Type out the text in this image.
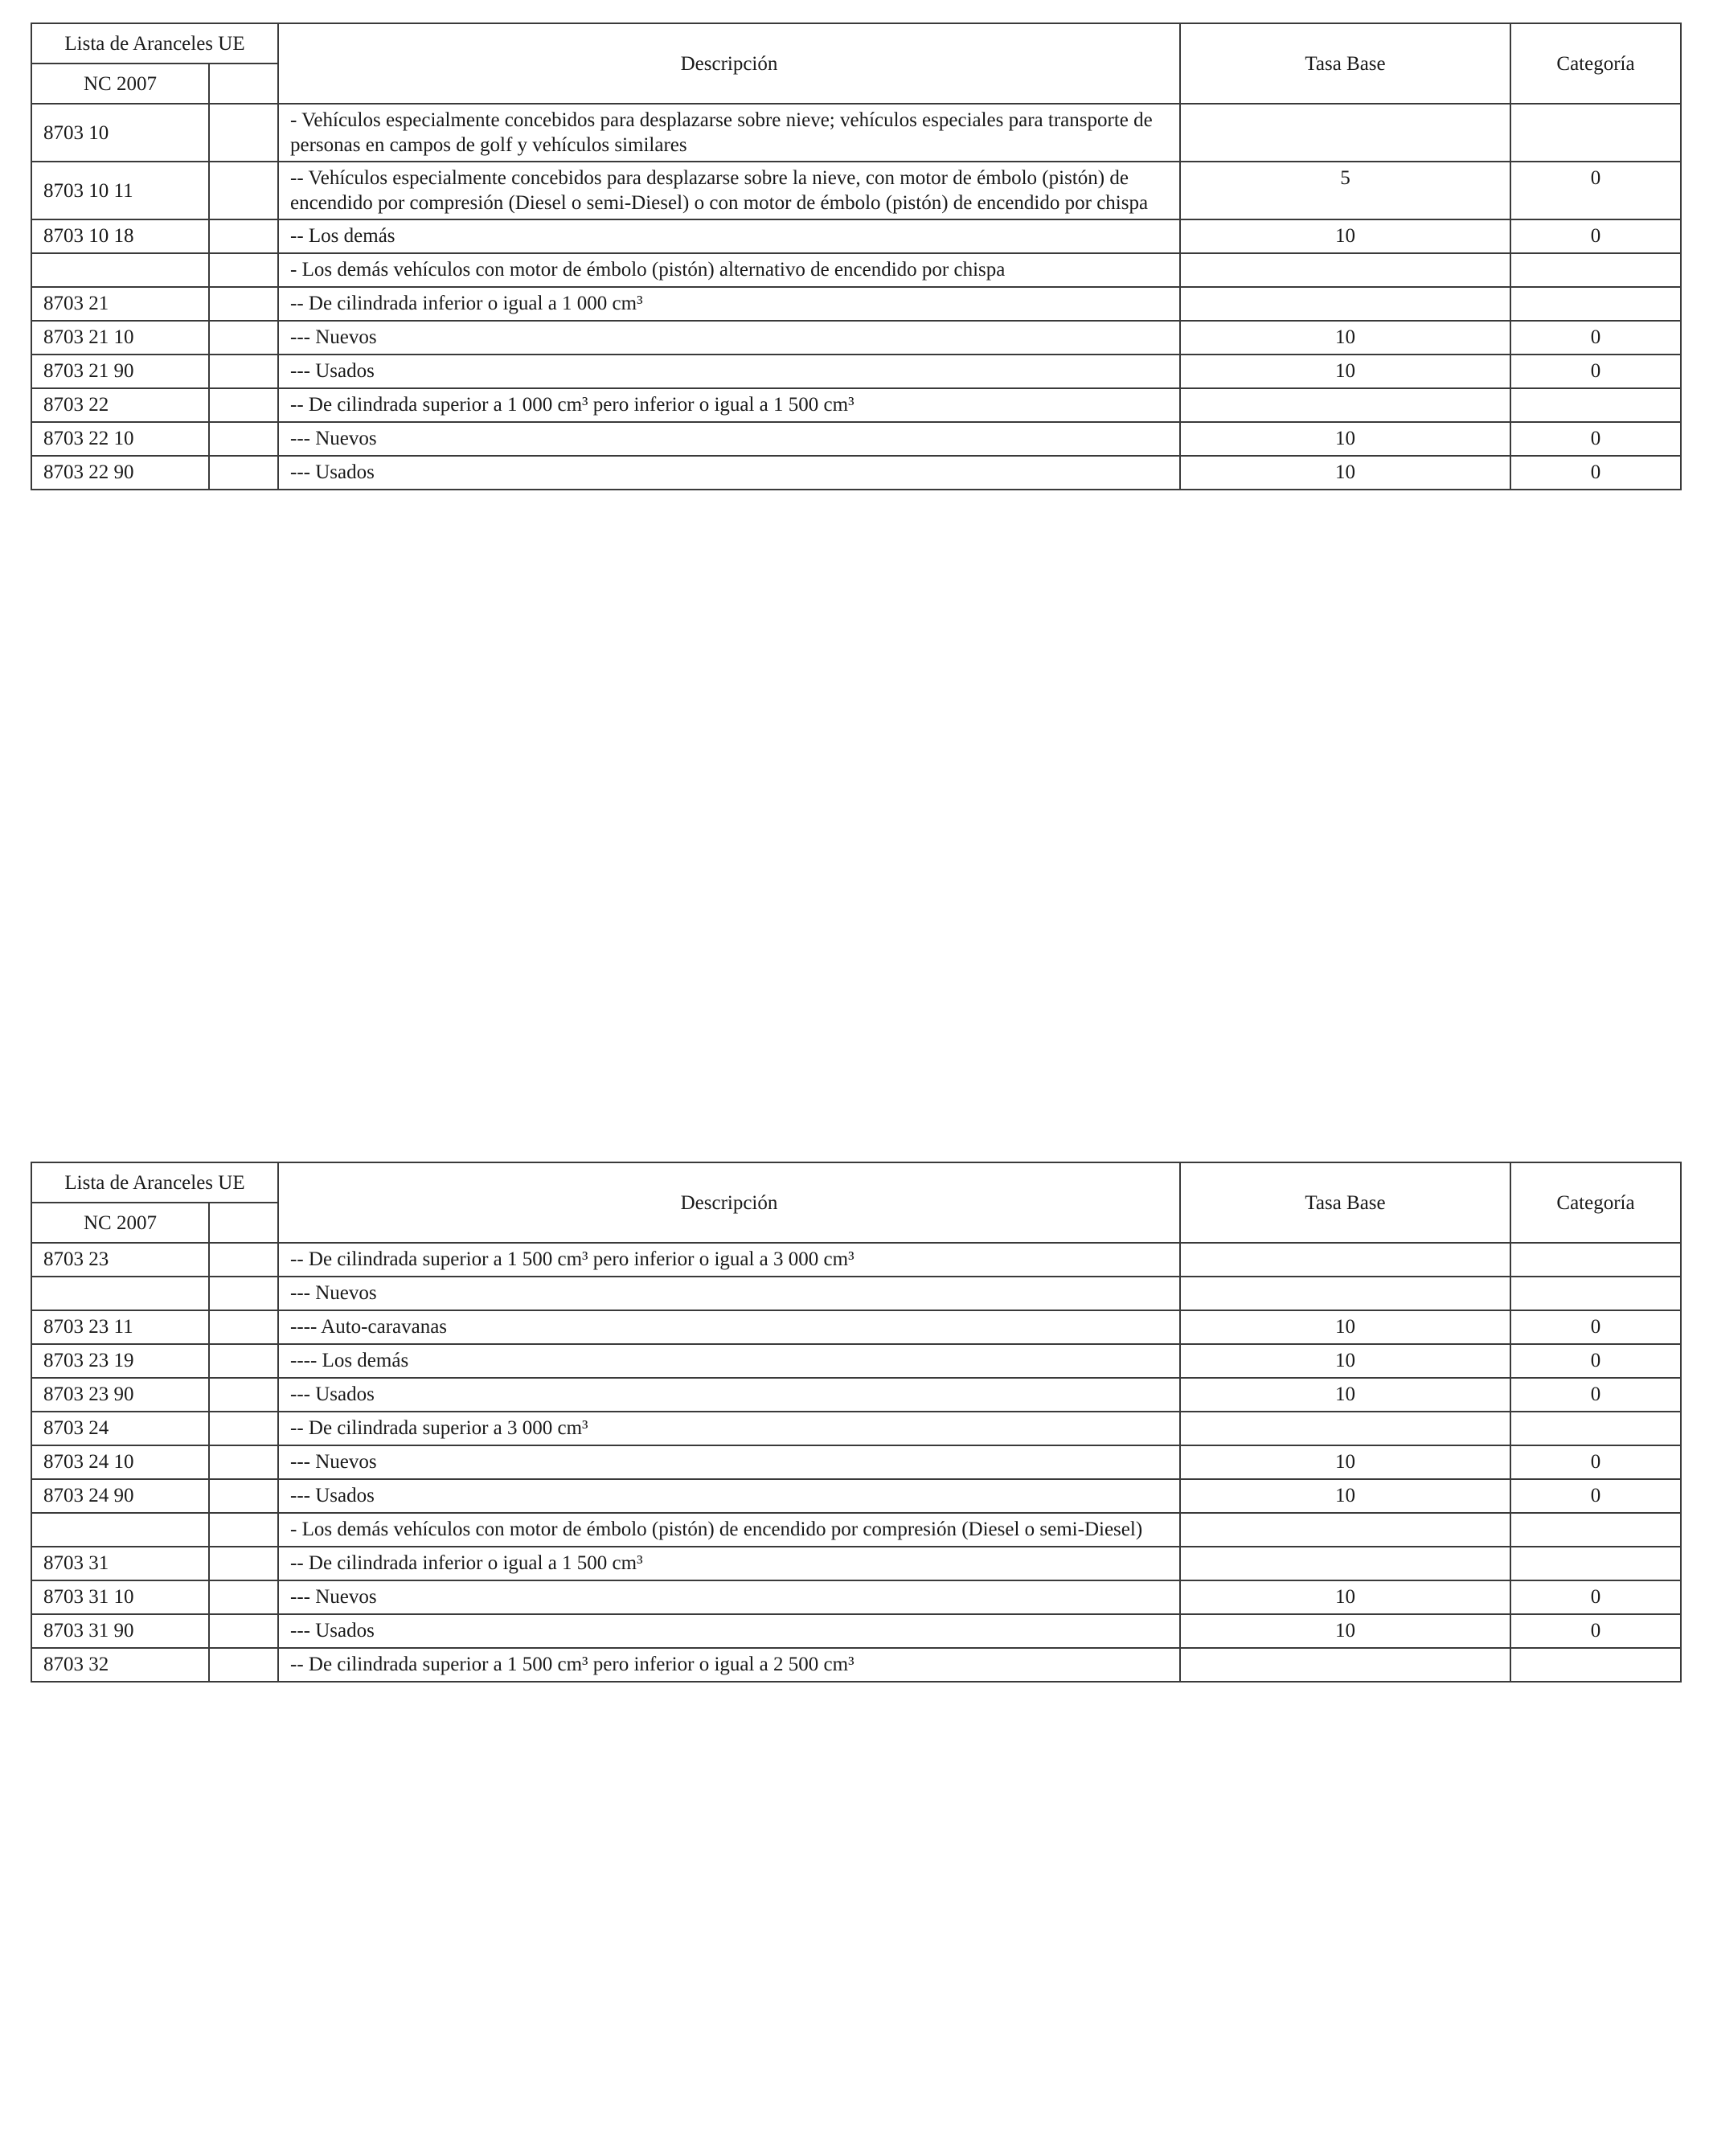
Lista de Aranceles UE		Descripción	Tasa Base	Categoría
NC 2007				
8703 10		- Vehículos especialmente concebidos para desplazarse sobre nieve; vehículos especiales para transporte de personas en campos de golf y vehículos similares		
8703 10 11		-- Vehículos especialmente concebidos para desplazarse sobre la nieve, con motor de émbolo (pistón) de encendido por compresión (Diesel o semi-Diesel) o con motor de émbolo (pistón) de encendido por chispa	5	0
8703 10 18		-- Los demás	10	0
		- Los demás vehículos con motor de émbolo (pistón) alternativo de encendido por chispa		
8703 21		-- De cilindrada inferior o igual a 1 000 cm³		
8703 21 10		--- Nuevos	10	0
8703 21 90		--- Usados	10	0
8703 22		-- De cilindrada superior a 1 000 cm³ pero inferior o igual a 1 500 cm³		
8703 22 10		--- Nuevos	10	0
8703 22 90		--- Usados	10	0
Lista de Aranceles UE		Descripción	Tasa Base	Categoría
NC 2007				
8703 23		-- De cilindrada superior a 1 500 cm³ pero inferior o igual a 3 000 cm³		
		--- Nuevos		
8703 23 11		---- Auto-caravanas	10	0
8703 23 19		---- Los demás	10	0
8703 23 90		--- Usados	10	0
8703 24		-- De cilindrada superior a 3 000 cm³		
8703 24 10		--- Nuevos	10	0
8703 24 90		--- Usados	10	0
		- Los demás vehículos con motor de émbolo (pistón) de encendido por compresión (Diesel o semi-Diesel)		
8703 31		-- De cilindrada inferior o igual a 1 500 cm³		
8703 31 10		--- Nuevos	10	0
8703 31 90		--- Usados	10	0
8703 32		-- De cilindrada superior a 1 500 cm³ pero inferior o igual a 2 500 cm³		
